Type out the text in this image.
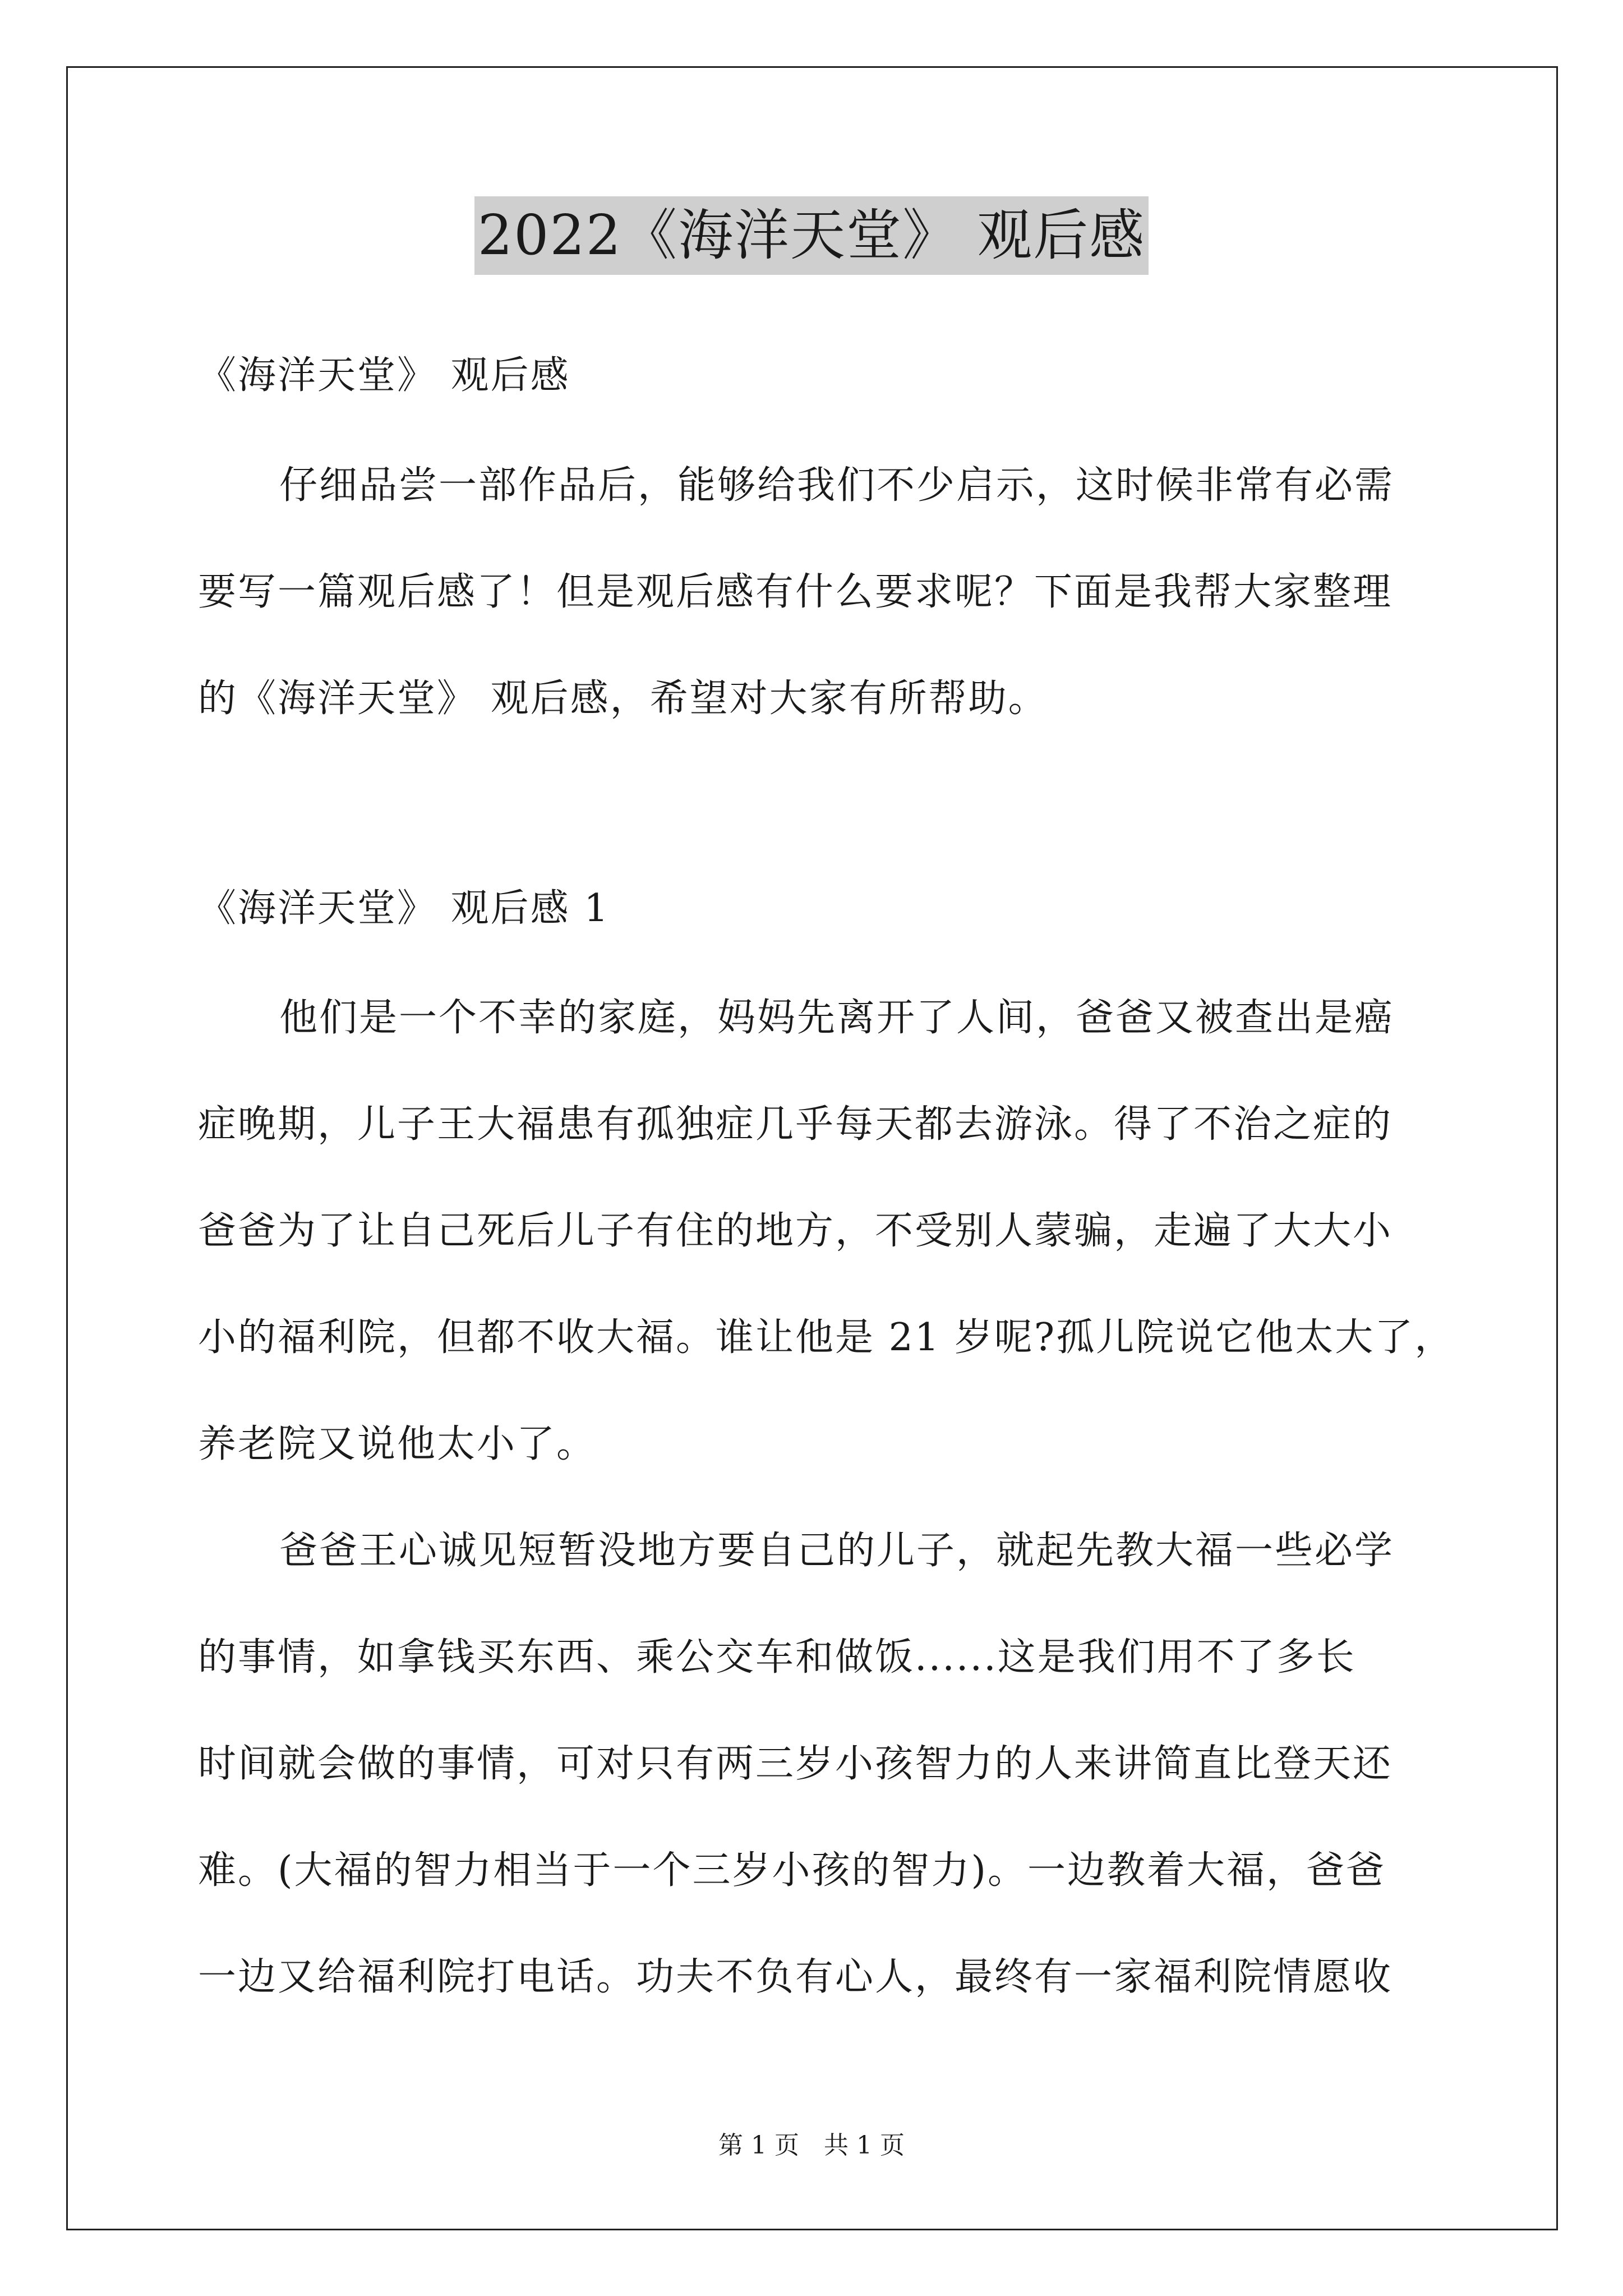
2022《海洋天堂》 观后感
《海洋天堂》 观后感
仔细品尝一部作品后，能够给我们不少启示，这时候非常有必需
要写一篇观后感了！但是观后感有什么要求呢？下面是我帮大家整理
的《海洋天堂》 观后感，希望对大家有所帮助。
《海洋天堂》 观后感 1
他们是一个不幸的家庭，妈妈先离开了人间，爸爸又被查出是癌
症晚期，儿子王大福患有孤独症几乎每天都去游泳。得了不治之症的
爸爸为了让自己死后儿子有住的地方，不受别人蒙骗，走遍了大大小
小的福利院，但都不收大福。谁让他是 21 岁呢?孤儿院说它他太大了，
养老院又说他太小了。
爸爸王心诚见短暂没地方要自己的儿子，就起先教大福一些必学
的事情，如拿钱买东西、乘公交车和做饭......这是我们用不了多长
时间就会做的事情，可对只有两三岁小孩智力的人来讲简直比登天还
难。(大福的智力相当于一个三岁小孩的智力)。一边教着大福，爸爸
一边又给福利院打电话。功夫不负有心人，最终有一家福利院情愿收
第 1 页　共 1 页
